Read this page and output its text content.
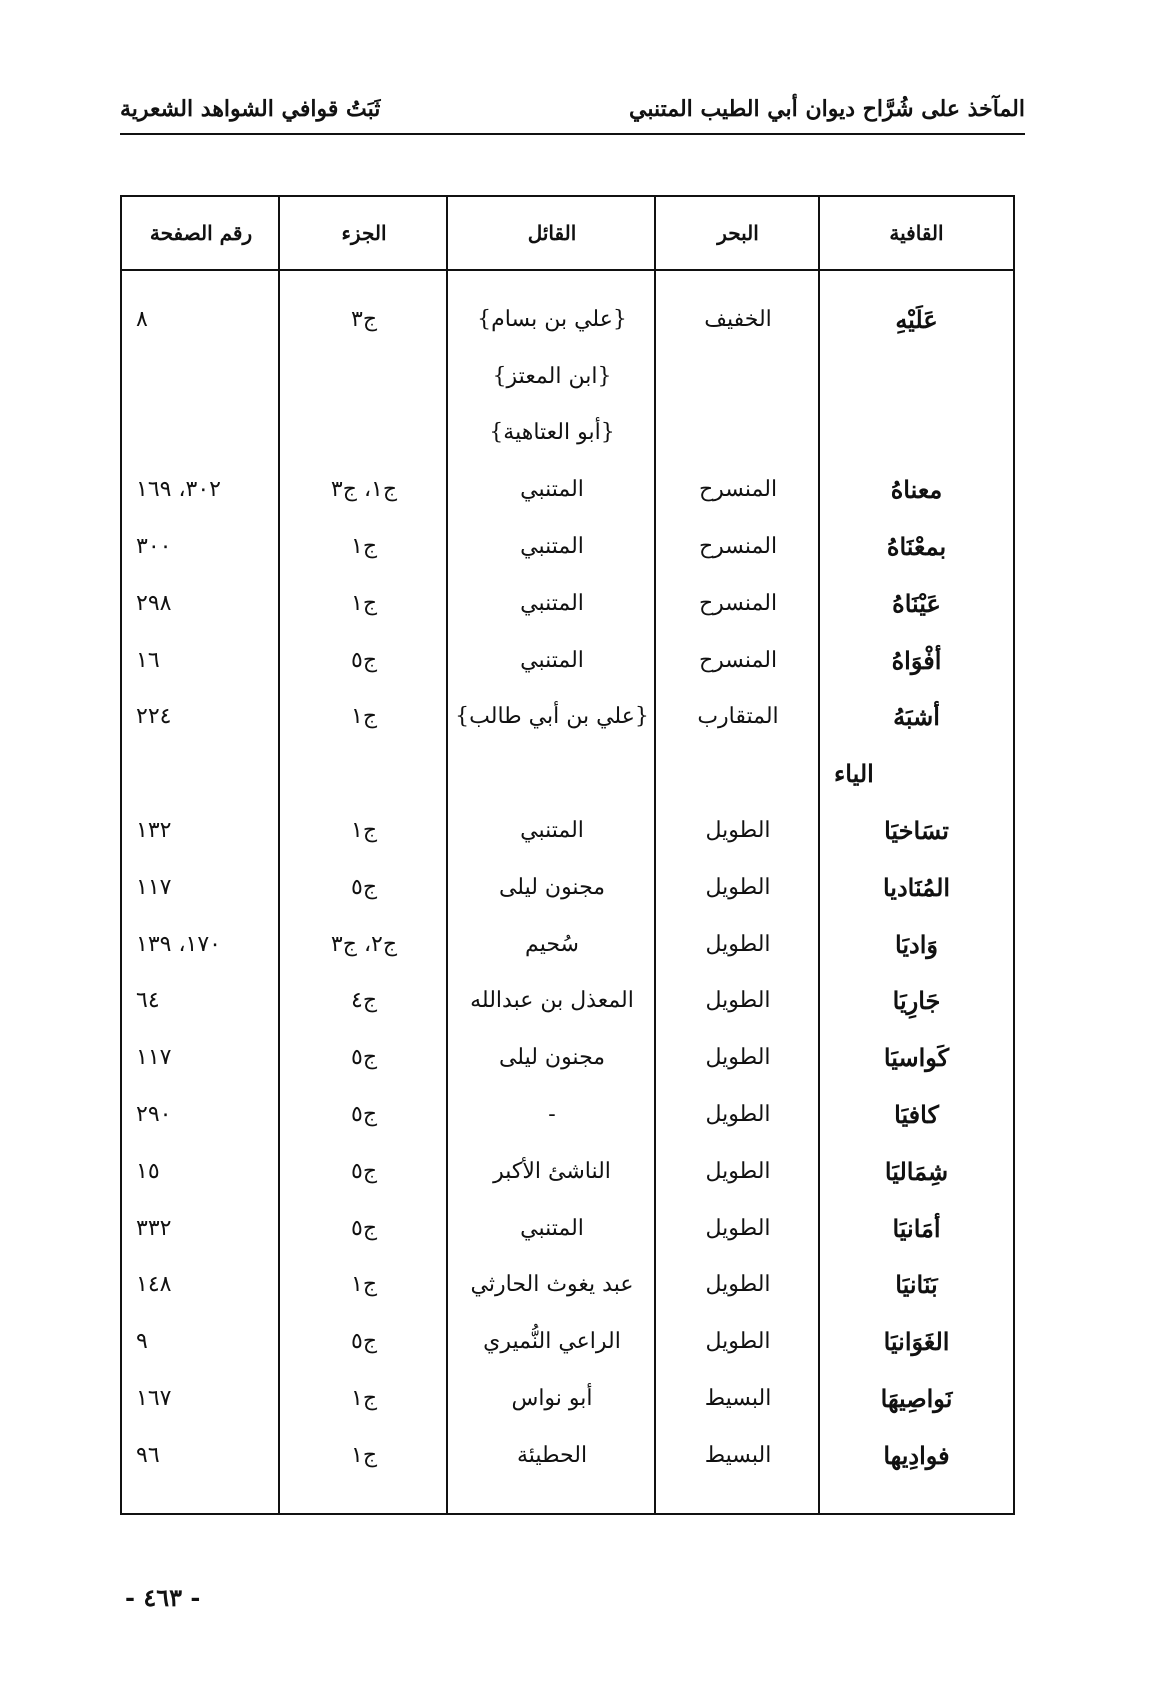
المآخذ على شُرَّاح ديوان أبي الطيب المتنبي
ثَبَتُ قوافي الشواهد الشعرية
القافية
البحر
القائل
الجزء
رقم الصفحة
عَلَيْهِ
الخفيف
{علي بن بسام}
ج٣
٨
{ابن المعتز}
{أبو العتاهية}
معناهُ
المنسرح
المتنبي
ج١، ج٣
٣٠٢، ١٦٩
بمعْنَاهُ
المنسرح
المتنبي
ج١
٣٠٠
عَيْنَاهُ
المنسرح
المتنبي
ج١
٢٩٨
أفْوَاهُ
المنسرح
المتنبي
ج٥
١٦
أشبَهُ
المتقارب
{علي بن أبي طالب}
ج١
٢٢٤
الياء
تسَاخيَا
الطويل
المتنبي
ج١
١٣٢
المُنَاديا
الطويل
مجنون ليلى
ج٥
١١٧
وَاديَا
الطويل
سُحيم
ج٢، ج٣
١٧٠، ١٣٩
جَارِيَا
الطويل
المعذل بن عبدالله
ج٤
٦٤
كَواسيَا
الطويل
مجنون ليلى
ج٥
١١٧
كافيَا
الطويل
-
ج٥
٢٩٠
شِمَاليَا
الطويل
الناشئ الأكبر
ج٥
١٥
أمَانيَا
الطويل
المتنبي
ج٥
٣٣٢
بَنَانيَا
الطويل
عبد يغوث الحارثي
ج١
١٤٨
الغَوَانيَا
الطويل
الراعي النُّميري
ج٥
٩
نَواصِيهَا
البسيط
أبو نواس
ج١
١٦٧
فوادِيها
البسيط
الحطيئة
ج١
٩٦
- ٤٦٣ -
